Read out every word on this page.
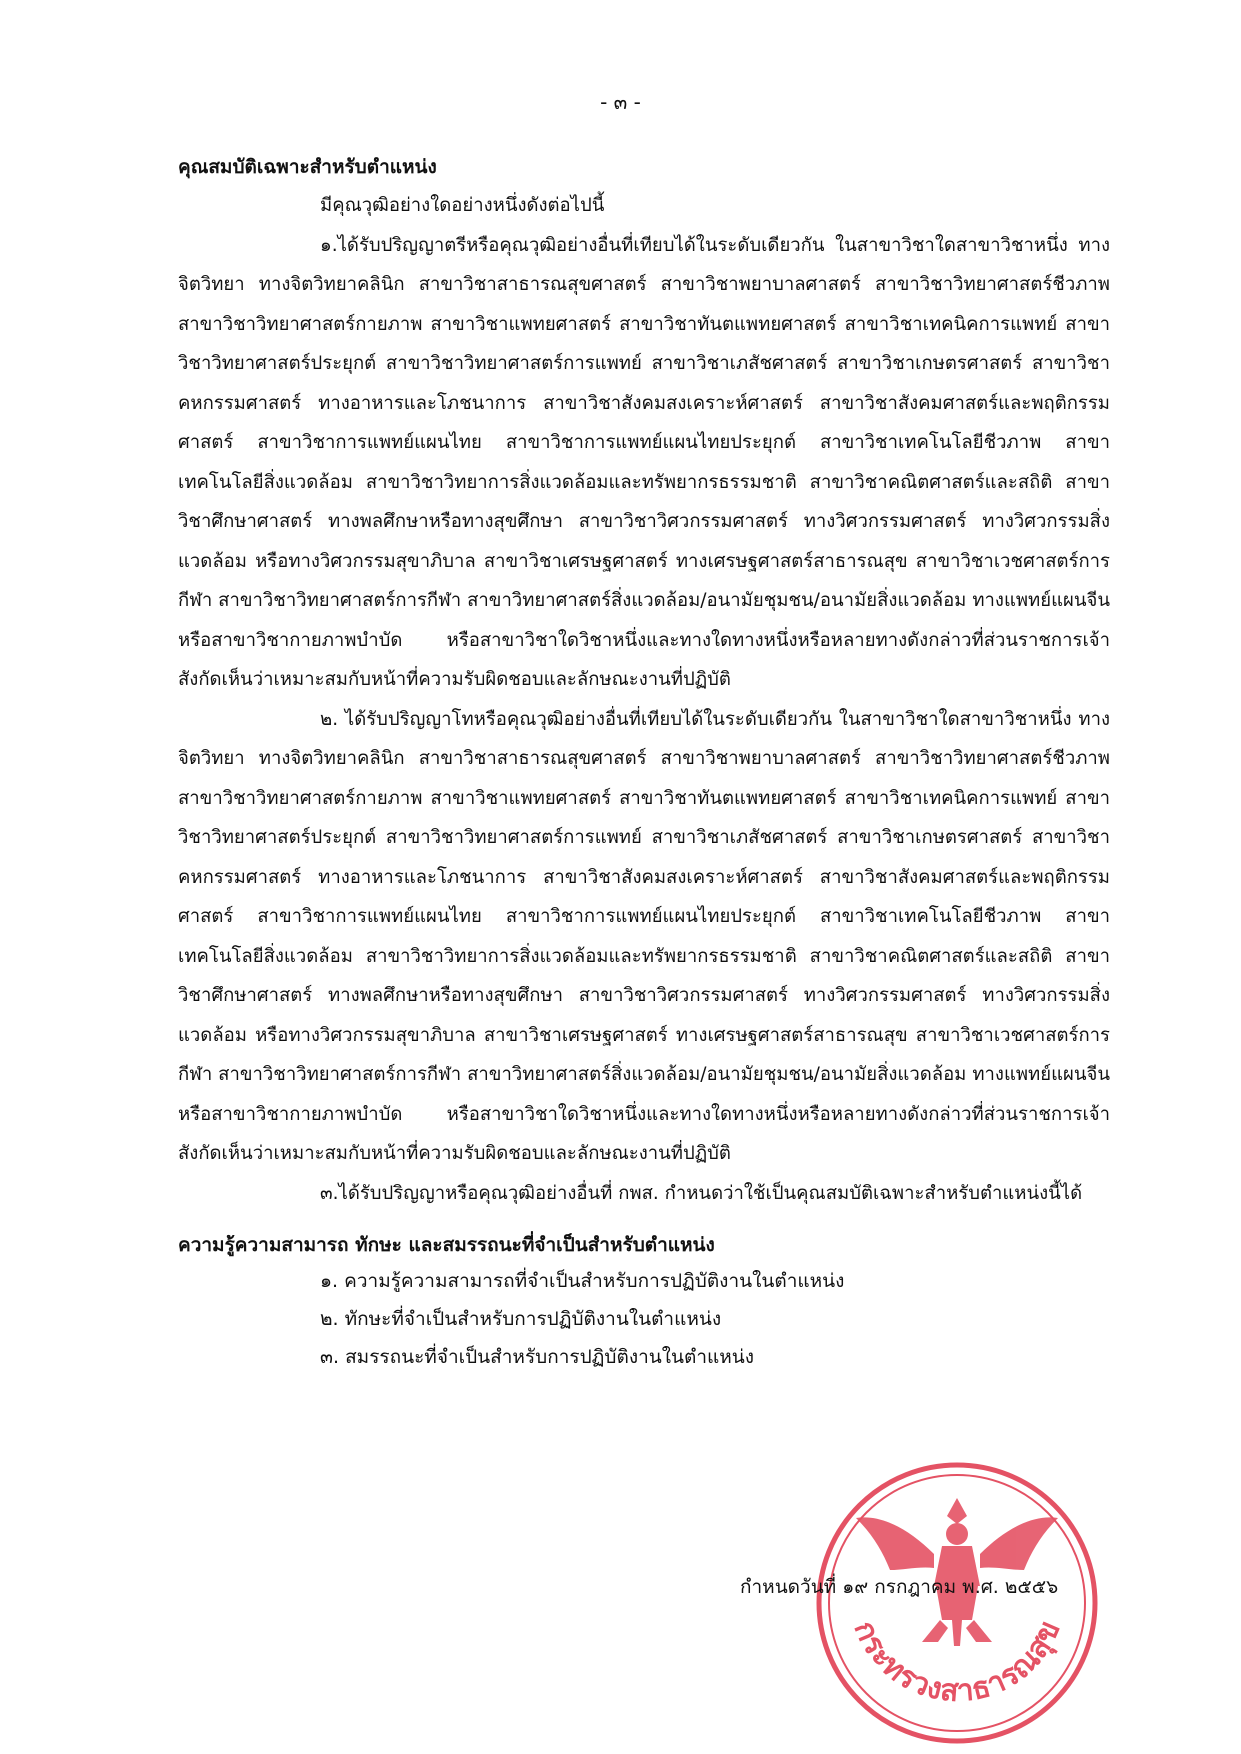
- ๓ -
คุณสมบัติเฉพาะสำหรับตำแหน่ง

มีคุณวุฒิอย่างใดอย่างหนึ่งดังต่อไปนี้

๑.ได้รับปริญญาตรีหรือคุณวุฒิอย่างอื่นที่เทียบได้ในระดับเดียวกัน ในสาขาวิชาใดสาขาวิชาหนึ่ง ทางจิตวิทยา ทางจิตวิทยาคลินิก สาขาวิชาสาธารณสุขศาสตร์ สาขาวิชาพยาบาลศาสตร์ สาขาวิชาวิทยาศาสตร์ชีวภาพ สาขาวิชาวิทยาศาสตร์กายภาพ สาขาวิชาแพทยศาสตร์ สาขาวิชาทันตแพทยศาสตร์ สาขาวิชาเทคนิคการแพทย์ สาขาวิชาวิทยาศาสตร์ประยุกต์ สาขาวิชาวิทยาศาสตร์การแพทย์ สาขาวิชาเภสัชศาสตร์ สาขาวิชาเกษตรศาสตร์ สาขาวิชาคหกรรมศาสตร์ ทางอาหารและโภชนาการ สาขาวิชาสังคมสงเคราะห์ศาสตร์ สาขาวิชาสังคมศาสตร์และพฤติกรรมศาสตร์ สาขาวิชาการแพทย์แผนไทย สาขาวิชาการแพทย์แผนไทยประยุกต์ สาขาวิชาเทคโนโลยีชีวภาพ สาขาเทคโนโลยีสิ่งแวดล้อม สาขาวิชาวิทยาการสิ่งแวดล้อมและทรัพยากรธรรมชาติ สาขาวิชาคณิตศาสตร์และสถิติ สาขาวิชาศึกษาศาสตร์ ทางพลศึกษาหรือทางสุขศึกษา สาขาวิชาวิศวกรรมศาสตร์ ทางวิศวกรรมศาสตร์ ทางวิศวกรรมสิ่งแวดล้อม หรือทางวิศวกรรมสุขาภิบาล สาขาวิชาเศรษฐศาสตร์ ทางเศรษฐศาสตร์สาธารณสุข สาขาวิชาเวชศาสตร์การกีฬา สาขาวิชาวิทยาศาสตร์การกีฬา สาขาวิทยาศาสตร์สิ่งแวดล้อม/อนามัยชุมชน/อนามัยสิ่งแวดล้อม ทางแพทย์แผนจีน หรือสาขาวิชากายภาพบำบัด หรือสาขาวิชาใดวิชาหนึ่งและทางใดทางหนึ่งหรือหลายทางดังกล่าวที่ส่วนราชการเจ้าสังกัดเห็นว่าเหมาะสมกับหน้าที่ความรับผิดชอบและลักษณะงานที่ปฏิบัติ

๒. ได้รับปริญญาโทหรือคุณวุฒิอย่างอื่นที่เทียบได้ในระดับเดียวกัน ในสาขาวิชาใดสาขาวิชาหนึ่ง ทางจิตวิทยา ทางจิตวิทยาคลินิก สาขาวิชาสาธารณสุขศาสตร์ สาขาวิชาพยาบาลศาสตร์ สาขาวิชาวิทยาศาสตร์ชีวภาพ สาขาวิชาวิทยาศาสตร์กายภาพ สาขาวิชาแพทยศาสตร์ สาขาวิชาทันตแพทยศาสตร์ สาขาวิชาเทคนิคการแพทย์ สาขาวิชาวิทยาศาสตร์ประยุกต์ สาขาวิชาวิทยาศาสตร์การแพทย์ สาขาวิชาเภสัชศาสตร์ สาขาวิชาเกษตรศาสตร์ สาขาวิชาคหกรรมศาสตร์ ทางอาหารและโภชนาการ สาขาวิชาสังคมสงเคราะห์ศาสตร์ สาขาวิชาสังคมศาสตร์และพฤติกรรมศาสตร์ สาขาวิชาการแพทย์แผนไทย สาขาวิชาการแพทย์แผนไทยประยุกต์ สาขาวิชาเทคโนโลยีชีวภาพ สาขาเทคโนโลยีสิ่งแวดล้อม สาขาวิชาวิทยาการสิ่งแวดล้อมและทรัพยากรธรรมชาติ สาขาวิชาคณิตศาสตร์และสถิติ สาขาวิชาศึกษาศาสตร์ ทางพลศึกษาหรือทางสุขศึกษา สาขาวิชาวิศวกรรมศาสตร์ ทางวิศวกรรมศาสตร์ ทางวิศวกรรมสิ่งแวดล้อม หรือทางวิศวกรรมสุขาภิบาล สาขาวิชาเศรษฐศาสตร์ ทางเศรษฐศาสตร์สาธารณสุข สาขาวิชาเวชศาสตร์การกีฬา สาขาวิชาวิทยาศาสตร์การกีฬา สาขาวิทยาศาสตร์สิ่งแวดล้อม/อนามัยชุมชน/อนามัยสิ่งแวดล้อม ทางแพทย์แผนจีน หรือสาขาวิชากายภาพบำบัด หรือสาขาวิชาใดวิชาหนึ่งและทางใดทางหนึ่งหรือหลายทางดังกล่าวที่ส่วนราชการเจ้าสังกัดเห็นว่าเหมาะสมกับหน้าที่ความรับผิดชอบและลักษณะงานที่ปฏิบัติ

๓.ได้รับปริญญาหรือคุณวุฒิอย่างอื่นที่ กพส. กำหนดว่าใช้เป็นคุณสมบัติเฉพาะสำหรับตำแหน่งนี้ได้

ความรู้ความสามารถ ทักษะ และสมรรถนะที่จำเป็นสำหรับตำแหน่ง
๑. ความรู้ความสามารถที่จำเป็นสำหรับการปฏิบัติงานในตำแหน่ง
๒. ทักษะที่จำเป็นสำหรับการปฏิบัติงานในตำแหน่ง
๓. สมรรถนะที่จำเป็นสำหรับการปฏิบัติงานในตำแหน่ง
กระทรวงสาธารณสุข
กำหนดวันที่ ๑๙ กรกฎาคม พ.ศ. ๒๕๕๖
